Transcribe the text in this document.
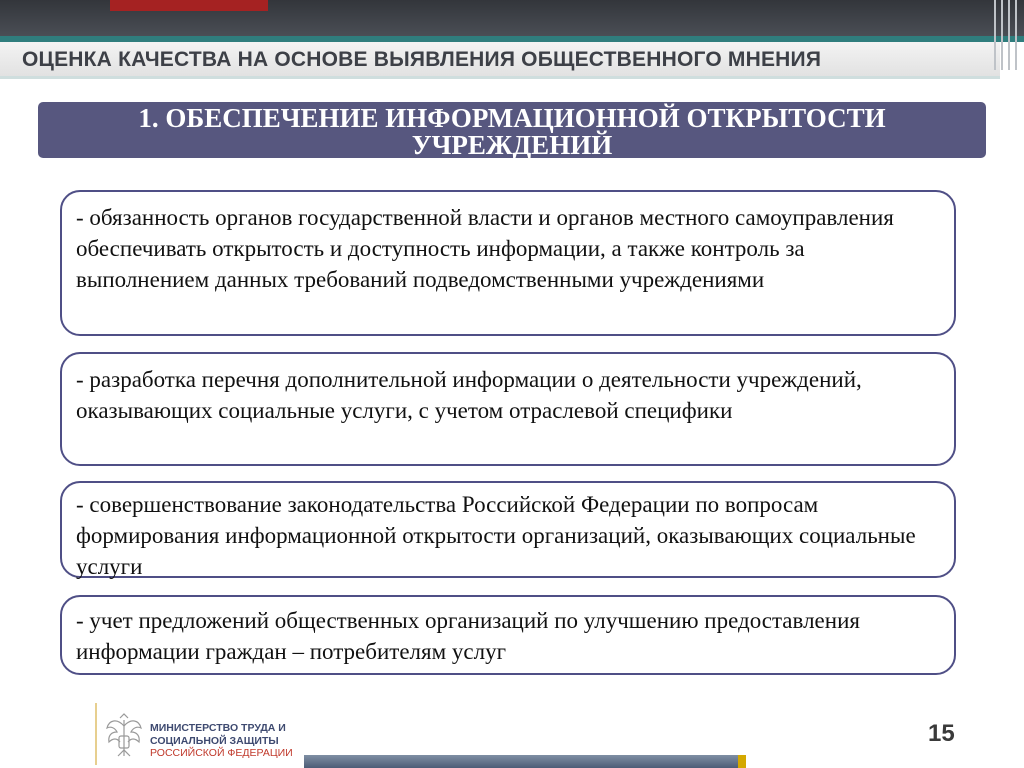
ОЦЕНКА КАЧЕСТВА НА ОСНОВЕ ВЫЯВЛЕНИЯ ОБЩЕСТВЕННОГО МНЕНИЯ
1. ОБЕСПЕЧЕНИЕ ИНФОРМАЦИОННОЙ ОТКРЫТОСТИ
УЧРЕЖДЕНИЙ
- обязанность органов государственной власти и органов местного самоуправления обеспечивать открытость и доступность информации, а также контроль за выполнением данных требований подведомственными учреждениями
- разработка перечня дополнительной информации о деятельности учреждений, оказывающих социальные услуги, с учетом отраслевой специфики
- совершенствование законодательства Российской Федерации по вопросам формирования информационной открытости организаций, оказывающих социальные услуги
- учет предложений общественных организаций по улучшению предоставления информации граждан – потребителям услуг
МИНИСТЕРСТВО ТРУДА И
СОЦИАЛЬНОЙ ЗАЩИТЫ
РОССИЙСКОЙ ФЕДЕРАЦИИ
15
